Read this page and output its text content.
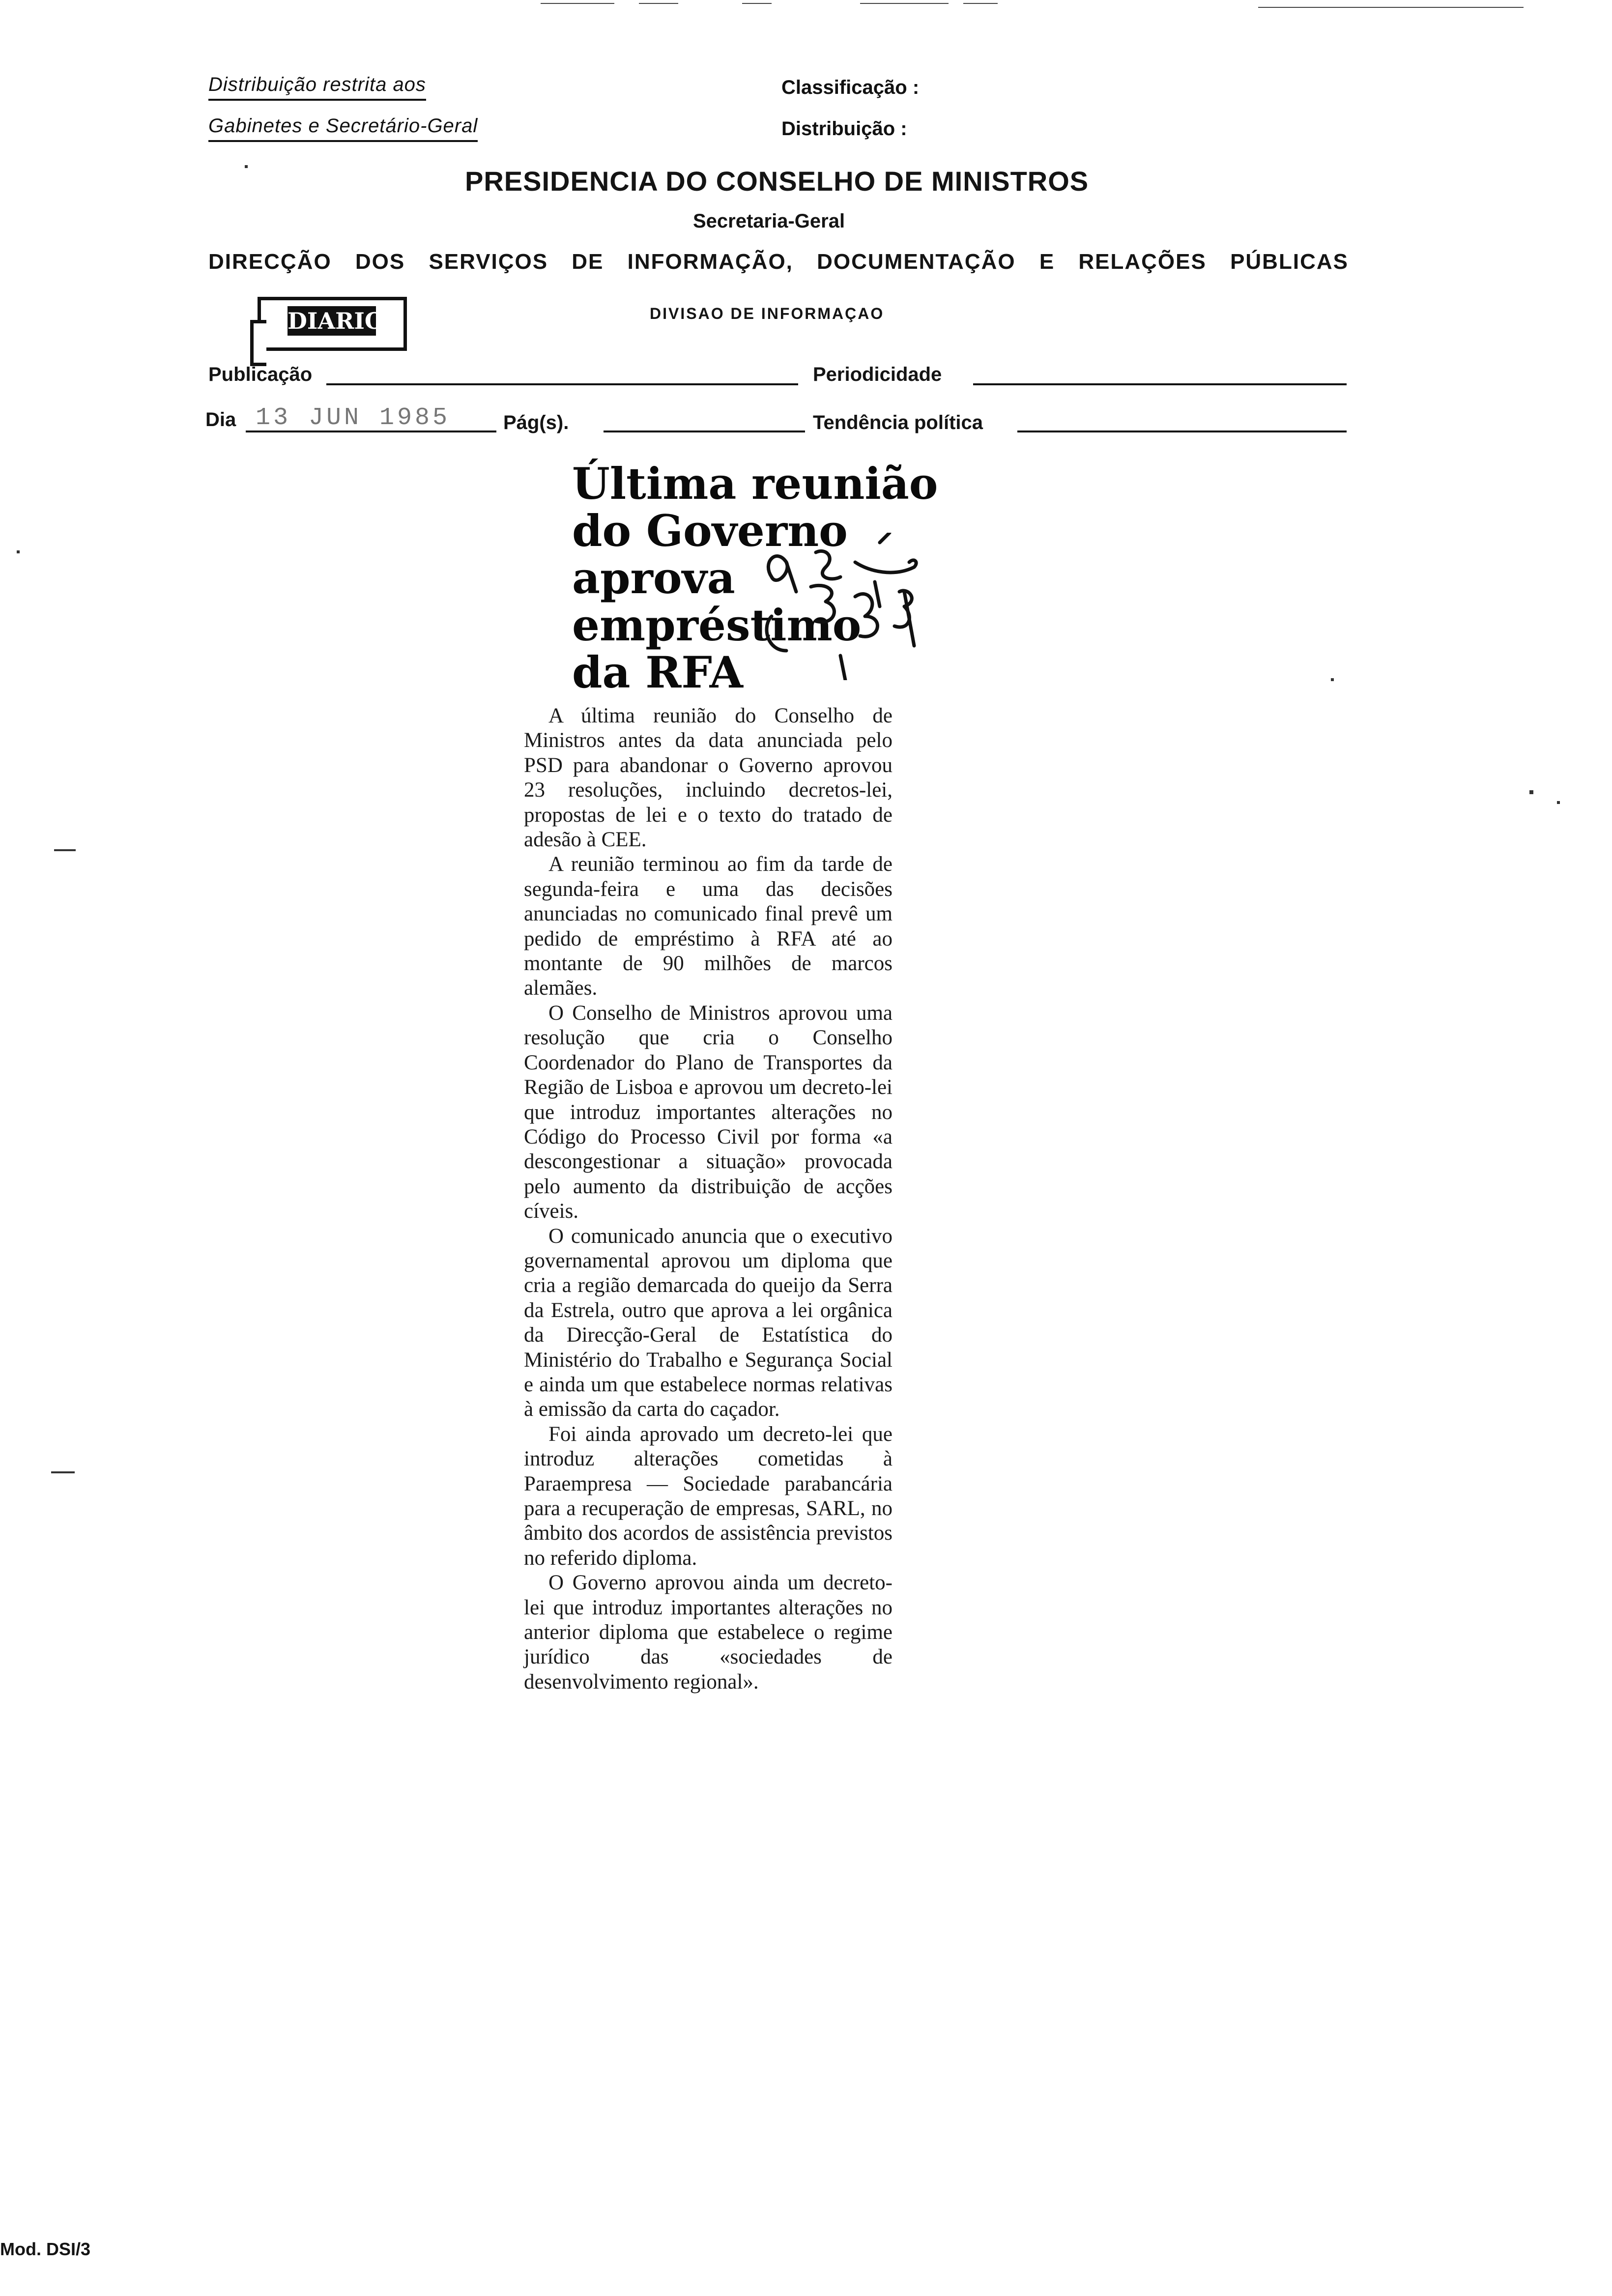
Distribuição restrita aos
Gabinetes e Secretário-Geral
Classificação :
Distribuição :
PRESIDENCIA DO CONSELHO DE MINISTROS
Secretaria-Geral
DIRECÇÃO DOS SERVIÇOS DE INFORMAÇÃO, DOCUMENTAÇÃO E RELAÇÕES PÚBLICAS
DIARIO	DIVISAO DE INFORMAÇAO
Publicação	Periodicidade
Dia 13 JUN 1985	Pág(s).	Tendência política
Última reunião
do Governo
aprova
empréstimo
da RFA

A última reunião do Conselho de Ministros antes da data anunciada pelo PSD para abandonar o Governo aprovou 23 resoluções, incluindo decretos-lei, propostas de lei e o texto do tratado de adesão à CEE.

A reunião terminou ao fim da tarde de segunda-feira e uma das decisões anunciadas no comunicado final prevê um pedido de empréstimo à RFA até ao montante de 90 milhões de marcos alemães.

O Conselho de Ministros aprovou uma resolução que cria o Conselho Coordenador do Plano de Transportes da Região de Lisboa e aprovou um decreto-lei que introduz importantes alterações no Código do Processo Civil por forma «a descongestionar a situação» provocada pelo aumento da distribuição de acções cíveis.

O comunicado anuncia que o executivo governamental aprovou um diploma que cria a região demarcada do queijo da Serra da Estrela, outro que aprova a lei orgânica da Direcção-Geral de Estatística do Ministério do Trabalho e Segurança Social e ainda um que estabelece normas relativas à emissão da carta do caçador.

Foi ainda aprovado um decreto-lei que introduz alterações cometidas à Paraempresa — Sociedade parabancária para a recuperação de empresas, SARL, no âmbito dos acordos de assistência previstos no referido diploma.

O Governo aprovou ainda um decreto-lei que introduz importantes alterações no anterior diploma que estabelece o regime jurídico das «sociedades de desenvolvimento regional».

Mod. DSI/3
